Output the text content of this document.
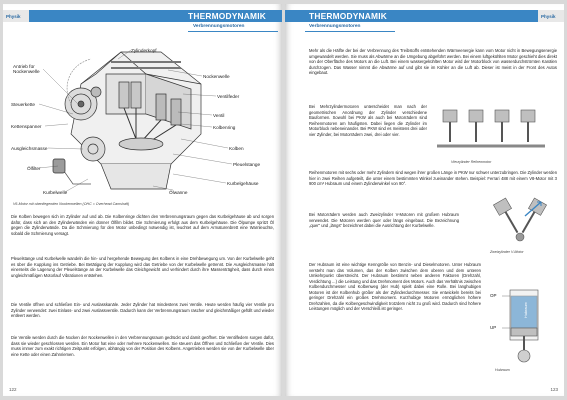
Physik	THERMODYNAMIK
Verbrennungsmotoren
Zylinderkopf
Antrieb für
Nockenwelle
Nockenwelle
Ventilfeder
Steuerkette
Ventil
Kettenspanner	Kolbenring
Ausgleichsmasse	Kolben
Pleuelstange
Ölfilter
Kurbelgehäuse
Kurbelwelle	Ölwanne
V6-Motor mit obenliegenden Nockenwellen (OHC = Overhead Camshaft)
Die Kolben bewegen sich im Zylinder auf und ab. Die Kolbenringe dichten den Verbrennungsraum gegen das Kurbelgehäuse ab und sorgen dafür, dass sich an den Zylinderwänden ein dünner Ölfilm bildet. Die Schmierung erfolgt aus dem Kurbelgehäuse. Die Ölpumpe spritzt Öl gegen die Zylinderwände. Da die Schmierung für den Motor unbedingt notwendig ist, leuchtet auf dem Armaturenbrett eine Warnleuchte, sobald die Schmierung versagt.
Pleuelstange und Kurbelwelle wandeln die hin- und hergehende Bewegung des Kolbens in eine Drehbewegung um. Von der Kurbelwelle geht es über die Kupplung ins Getriebe. Bei Betätigung der Kupplung wird das Getriebe von der Kurbelwelle getrennt. Die Ausgleichsmasse hält einerseits die Lagerung der Pleuelstange an der Kurbelwelle das Gleichgewicht und verhindert durch ihre Massenträgheit, dass durch einen ungleichmäßigen Motorlauf Vibrationen entstehen.
Die Ventile öffnen und schließen Ein- und Auslasskanäle. Jeder Zylinder hat mindestens zwei Ventile. Heute werden häufig vier Ventile pro Zylinder verwendet: zwei Einlass- und zwei Auslassventile. Dadurch kann der Verbrennungsraum rascher und gleichmäßiger gefüllt und wieder entleert werden.
Die Ventile werden durch die Nocken der Nockenwellen in den Verbrennungsraum gedrückt und damit geöffnet. Die Ventilfedern sorgen dafür, dass sie wieder geschlossen werden. Ein Motor hat eine oder mehrere Nockenwellen. Sie steuern das Öffnen und Schließen der Ventile. Dies muss immer zum exakt richtigen Zeitpunkt erfolgen, abhängig von der Position des Kolbens. Angetrieben werden sie von der Kurbelwelle über eine Kette oder einen Zahnriemen.
122
Physik
THERMODYNAMIK
Verbrennungsmotoren
Mehr als die Hälfte der bei der Verbrennung des Treibstoffs entstehenden Wärmeenergie kann vom Motor nicht in Bewegungsenergie umgewandelt werden. Sie muss als Abwärme an die Umgebung abgeführt werden. Bei einem luftgekühlten Motor geschieht dies direkt von der Oberfläche des Motors an die Luft. Bei einem wassergekühlten Motor wird der Motorblock von wasserdurchströmten Kanälen durchzogen. Das Wasser nimmt die Abwärme auf und gibt sie im Kühler an die Luft ab. Dieser ist meist in der Front des Autos eingebaut.
Bei Mehrzylindermotoren unterscheidet man nach der geometrischen Anordnung der Zylinder verschiedene Bauformen. Sowohl bei PKW als auch bei Motorrädern sind Reihenmotoren am häufigsten. Dabei liegen die Zylinder im Motorblock nebeneinander. Bei PKW sind es meistens drei oder vier Zylinder, bei Motorrädern zwei, drei oder vier.
Vierzylinder Reihenmotor
Reihenmotoren mit sechs oder mehr Zylindern sind wegen ihrer großen Länge in PKW nur schwer unterzubringen. Die Zylinder werden hier in zwei Reihen aufgeteilt, die unter einem bestimmten Winkel zueinander stehen. Beispiel: Ferrari 488 mit einem V8-Motor mit 3 900 cm³ Hubraum und einem Zylinderwinkel von 90°.
Bei Motorrädern werden auch Zweizylinder V-Motoren mit großem Hubraum verwendet. Die Motoren werden quer oder längs eingebaut. Die Bezeichnung „quer“ und „längs“ bezeichnet dabei die Ausrichtung der Kurbelwelle.
Zweizylinder V-Motor
Der Hubraum ist eine wichtige Kenngröße von Benzin- und Dieselmotoren. Unter Hubraum versteht man das Volumen, das der Kolben zwischen dem oberen und dem unteren Umkehrpunkt überstreicht. Der Hubraum bestimmt neben anderen Faktoren (Drehzahl, Verdichtung ...) die Leistung und das Drehmoment des Motors. Auch das Verhältnis zwischen Kolbendurchmesser und Kolbenweg (der Hub) spielt dabei eine Rolle. Bei langhubigen Motoren ist der Kolbenhub größer als der Zylinderdurchmesser. Sie entwickeln bereits bei geringer Drehzahl ein großes Drehmoment. Kurzhubige Motoren ermöglichen höhere Drehzahlen, da die Kolbengeschwindigkeit trotzdem nicht zu groß wird. Dadurch sind höhere Leistungen möglich und der Verschleiß ist geringer.
OP
UP
Hubraum
Hubraum
123
